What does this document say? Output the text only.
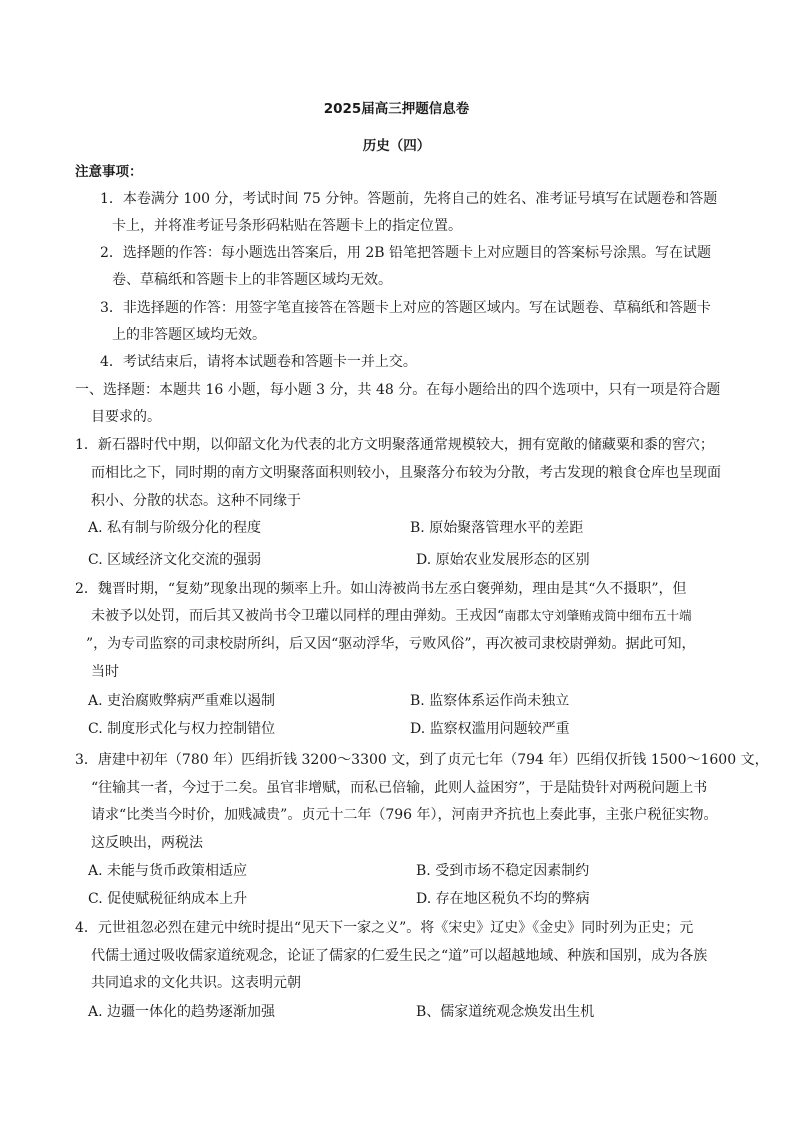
2025届高三押题信息卷
历史（四）
注意事项：
1．本卷满分 100 分，考试时间 75 分钟。答题前，先将自己的姓名、准考证号填写在试题卷和答题
卡上，并将准考证号条形码粘贴在答题卡上的指定位置。
2．选择题的作答：每小题选出答案后，用 2B 铅笔把答题卡上对应题目的答案标号涂黑。写在试题
卷、草稿纸和答题卡上的非答题区域均无效。
3．非选择题的作答：用签字笔直接答在答题卡上对应的答题区域内。写在试题卷、草稿纸和答题卡
上的非答题区域均无效。
4．考试结束后，请将本试题卷和答题卡一并上交。
一、选择题：本题共 16 小题，每小题 3 分，共 48 分。在每小题给出的四个选项中，只有一项是符合题
目要求的。
1．新石器时代中期，以仰韶文化为代表的北方文明聚落通常规模较大，拥有宽敞的储藏粟和黍的窖穴；
而相比之下，同时期的南方文明聚落面积则较小，且聚落分布较为分散，考古发现的粮食仓库也呈现面
积小、分散的状态。这种不同缘于
A. 私有制与阶级分化的程度	B. 原始聚落管理水平的差距
C. 区域经济文化交流的强弱	D. 原始农业发展形态的区别
2．魏晋时期，“复劾”现象出现的频率上升。如山涛被尚书左丞白褒弹劾，理由是其“久不摄职”，但
未被予以处罚，而后其又被尚书令卫瓘以同样的理由弹劾。王戎因“南郡太守刘肇贿戎筒中细布五十端
”，为专司监察的司隶校尉所纠，后又因“驱动浮华，亏败风俗”，再次被司隶校尉弹劾。据此可知，
当时
A. 吏治腐败弊病严重难以遏制	B. 监察体系运作尚未独立
C. 制度形式化与权力控制错位	D. 监察权滥用问题较严重
3．唐建中初年（780 年）匹绢折钱 3200～3300 文，到了贞元七年（794 年）匹绢仅折钱 1500～1600 文，
“往输其一者，今过于二矣。虽官非增赋，而私已倍输，此则人益困穷”，于是陆贽针对两税问题上书
请求“比类当今时价，加贱减贵”。贞元十二年（796 年），河南尹齐抗也上奏此事，主张户税征实物。
这反映出，两税法
A. 未能与货币政策相适应	B. 受到市场不稳定因素制约
C. 促使赋税征纳成本上升	D. 存在地区税负不均的弊病
4．元世祖忽必烈在建元中统时提出“见天下一家之义”。将《宋史》辽史》《金史》同时列为正史；元
代儒士通过吸收儒家道统观念，论证了儒家的仁爱生民之“道”可以超越地域、种族和国别，成为各族
共同追求的文化共识。这表明元朝
A. 边疆一体化的趋势逐渐加强	B、儒家道统观念焕发出生机
